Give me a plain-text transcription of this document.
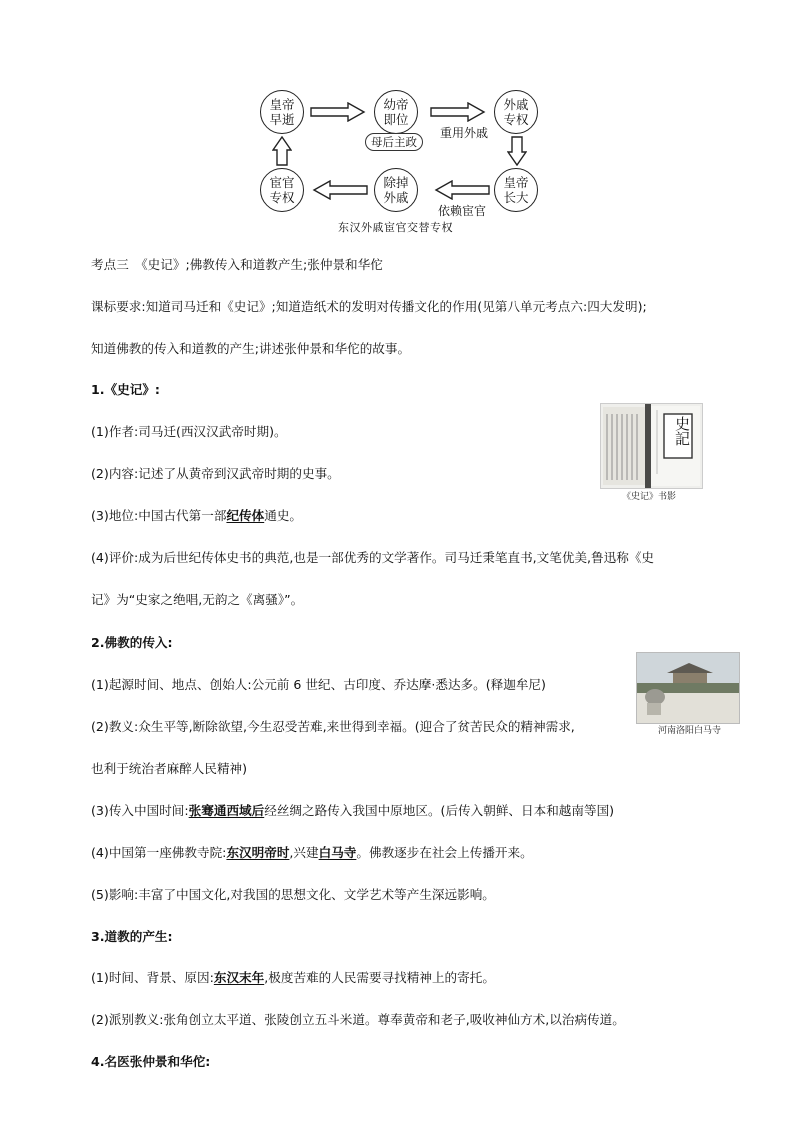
皇帝早逝
幼帝即位
外戚专权
皇帝长大
除掉外戚
宦官专权
母后主政
重用外戚
依赖宦官
东汉外戚宦官交替专权
考点三　《史记》;佛教传入和道教产生;张仲景和华佗
课标要求:知道司马迁和《史记》;知道造纸术的发明对传播文化的作用(见第八单元考点六:四大发明);
知道佛教的传入和道教的产生;讲述张仲景和华佗的故事。
1.《史记》:
(1)作者:司马迁(西汉汉武帝时期)。
(2)内容:记述了从黄帝到汉武帝时期的史事。
(3)地位:中国古代第一部纪传体通史。
(4)评价:成为后世纪传体史书的典范,也是一部优秀的文学著作。司马迁秉笔直书,文笔优美,鲁迅称《史
记》为“史家之绝唱,无韵之《离骚》”。
史記
《史记》书影
2.佛教的传入:
(1)起源时间、地点、创始人:公元前 6 世纪、古印度、乔达摩·悉达多。(释迦牟尼)
(2)教义:众生平等,断除欲望,今生忍受苦难,来世得到幸福。(迎合了贫苦民众的精神需求,
也利于统治者麻醉人民精神)
(3)传入中国时间:张骞通西域后经丝绸之路传入我国中原地区。(后传入朝鲜、日本和越南等国)
(4)中国第一座佛教寺院:东汉明帝时,兴建白马寺。佛教逐步在社会上传播开来。
(5)影响:丰富了中国文化,对我国的思想文化、文学艺术等产生深远影响。
河南洛阳白马寺
3.道教的产生:
(1)时间、背景、原因:东汉末年,极度苦难的人民需要寻找精神上的寄托。
(2)派别教义:张角创立太平道、张陵创立五斗米道。尊奉黄帝和老子,吸收神仙方术,以治病传道。
4.名医张仲景和华佗:
